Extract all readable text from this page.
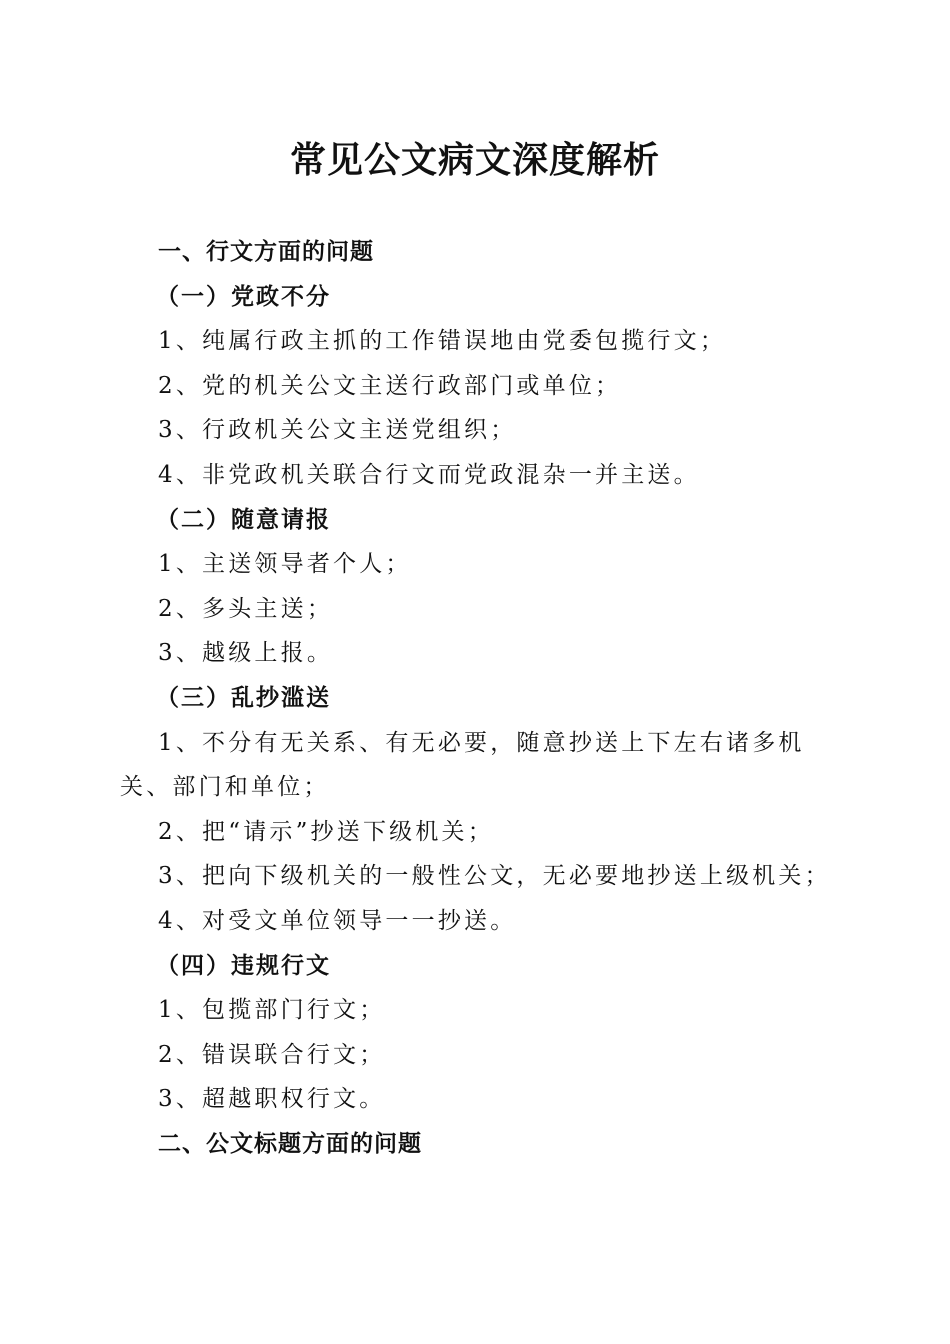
常见公文病文深度解析

一、行文方面的问题

（一）党政不分

1、纯属行政主抓的工作错误地由党委包揽行文；

2、党的机关公文主送行政部门或单位；

3、行政机关公文主送党组织；

4、非党政机关联合行文而党政混杂一并主送。

（二）随意请报

1、主送领导者个人；

2、多头主送；

3、越级上报。

（三）乱抄滥送

1、不分有无关系、有无必要，随意抄送上下左右诸多机关、部门和单位；

2、把“请示”抄送下级机关；

3、把向下级机关的一般性公文，无必要地抄送上级机关；

4、对受文单位领导一一抄送。

（四）违规行文

1、包揽部门行文；

2、错误联合行文；

3、超越职权行文。

二、公文标题方面的问题
